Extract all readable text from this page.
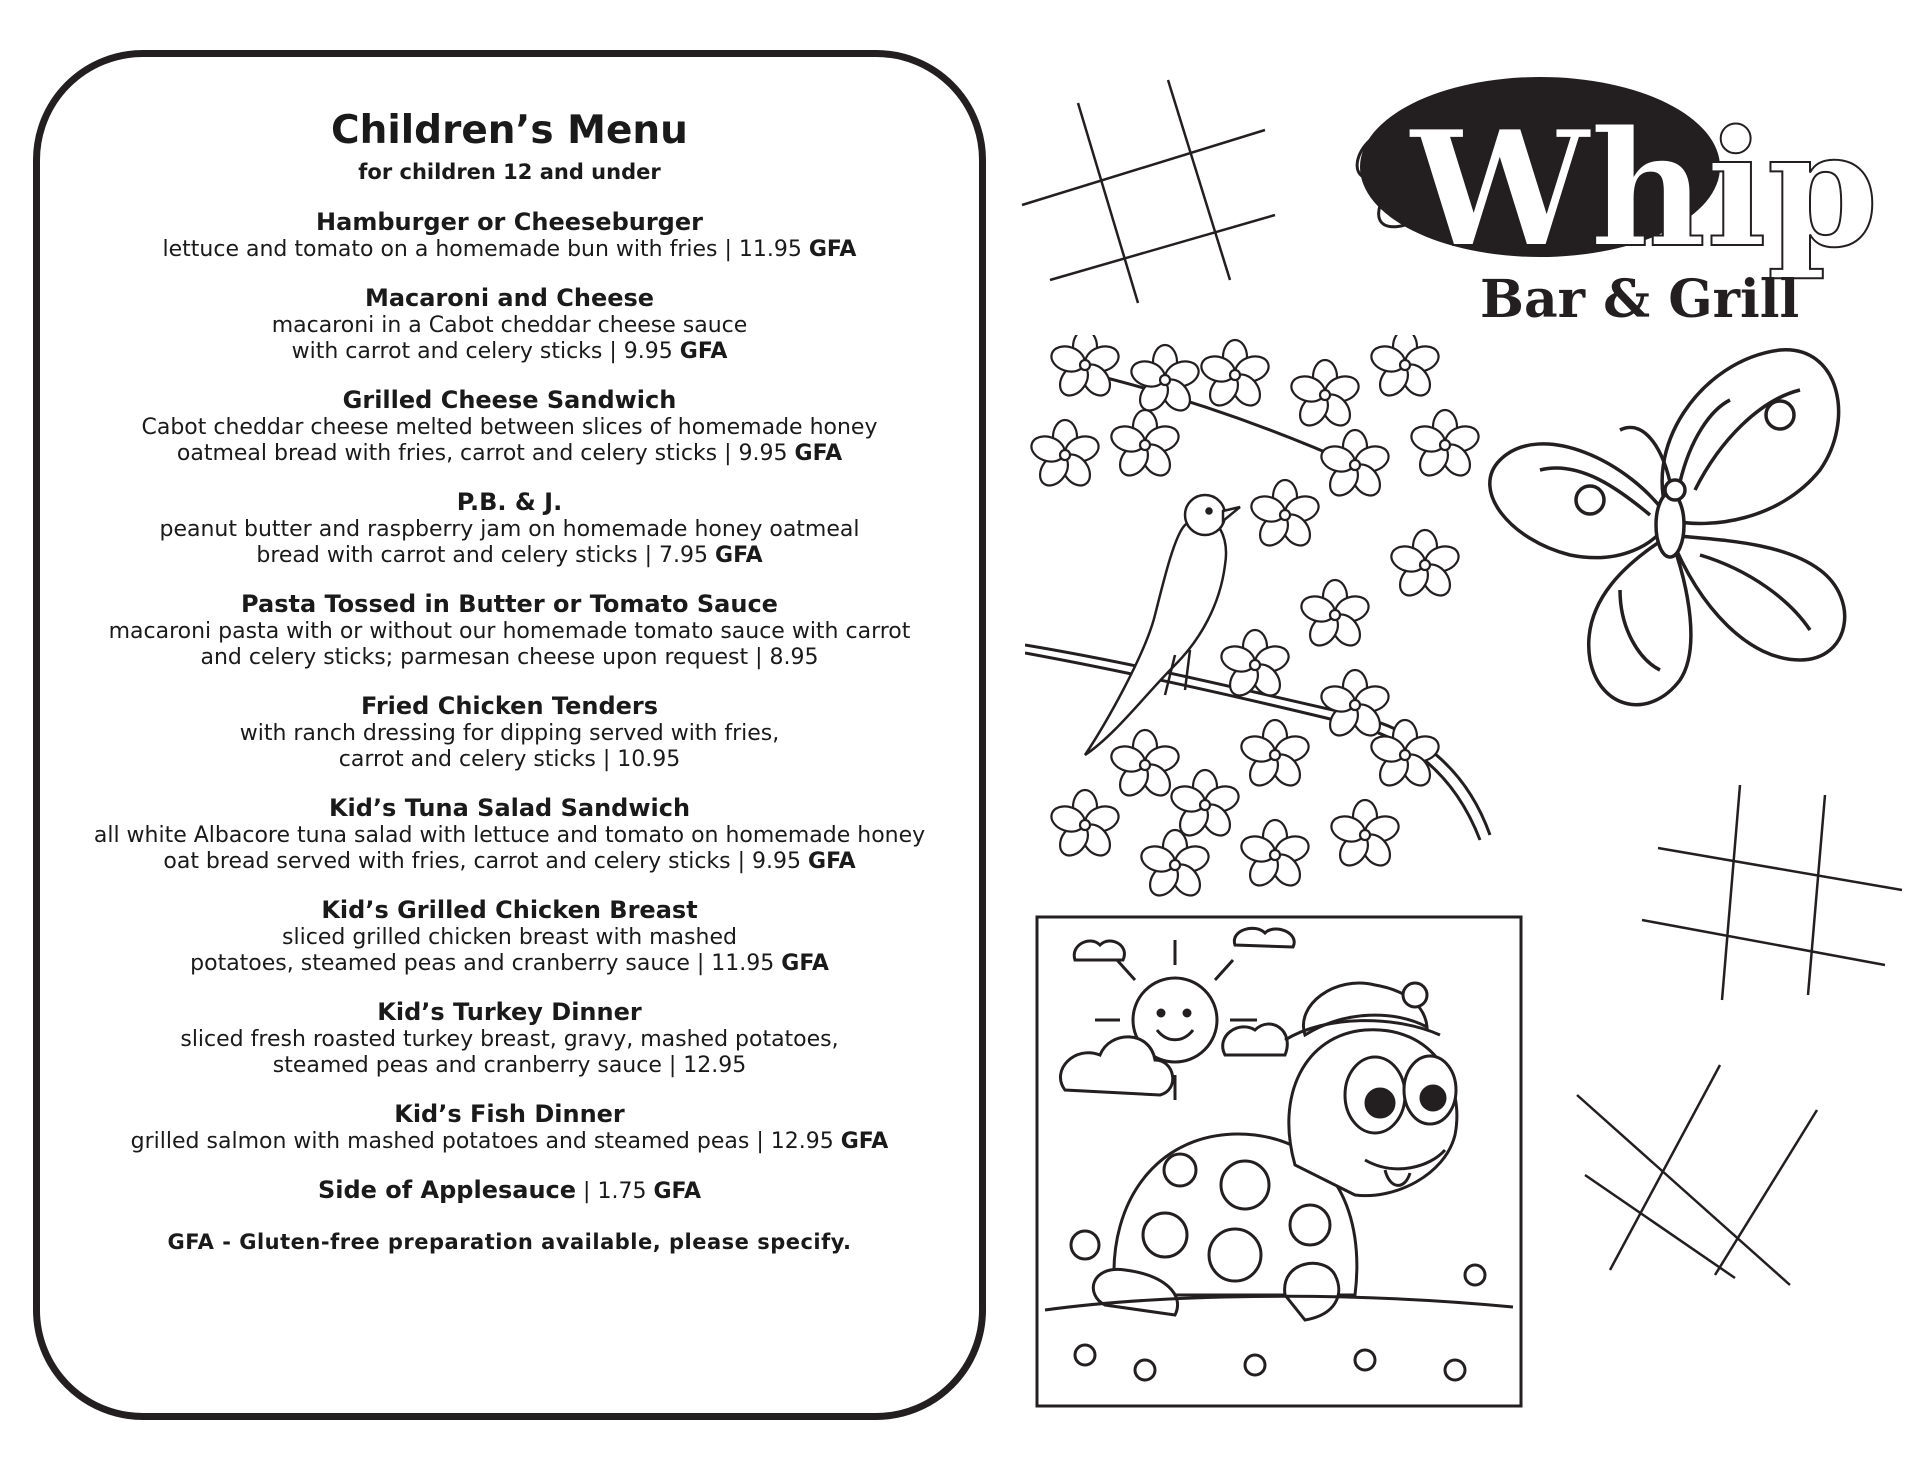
Children’s Menu
for children 12 and under
Hamburger or Cheeseburger
lettuce and tomato on a homemade bun with fries | 11.95 GFA
Macaroni and Cheese
macaroni in a Cabot cheddar cheese sauce
with carrot and celery sticks | 9.95 GFA
Grilled Cheese Sandwich
Cabot cheddar cheese melted between slices of homemade honey
oatmeal bread with fries, carrot and celery sticks | 9.95 GFA
P.B. & J.
peanut butter and raspberry jam on homemade honey oatmeal
bread with carrot and celery sticks | 7.95 GFA
Pasta Tossed in Butter or Tomato Sauce
macaroni pasta with or without our homemade tomato sauce with carrot
and celery sticks; parmesan cheese upon request | 8.95
Fried Chicken Tenders
with ranch dressing for dipping served with fries,
carrot and celery sticks | 10.95
Kid’s Tuna Salad Sandwich
all white Albacore tuna salad with lettuce and tomato on homemade honey
oat bread served with fries, carrot and celery sticks | 9.95 GFA
Kid’s Grilled Chicken Breast
sliced grilled chicken breast with mashed
potatoes, steamed peas and cranberry sauce | 11.95 GFA
Kid’s Turkey Dinner
sliced fresh roasted turkey breast, gravy, mashed potatoes,
steamed peas and cranberry sauce | 12.95
Kid’s Fish Dinner
grilled salmon with mashed potatoes and steamed peas | 12.95 GFA
Side of Applesauce | 1.75 GFA
GFA - Gluten-free preparation available, please specify.
Whip
Bar & Grill
